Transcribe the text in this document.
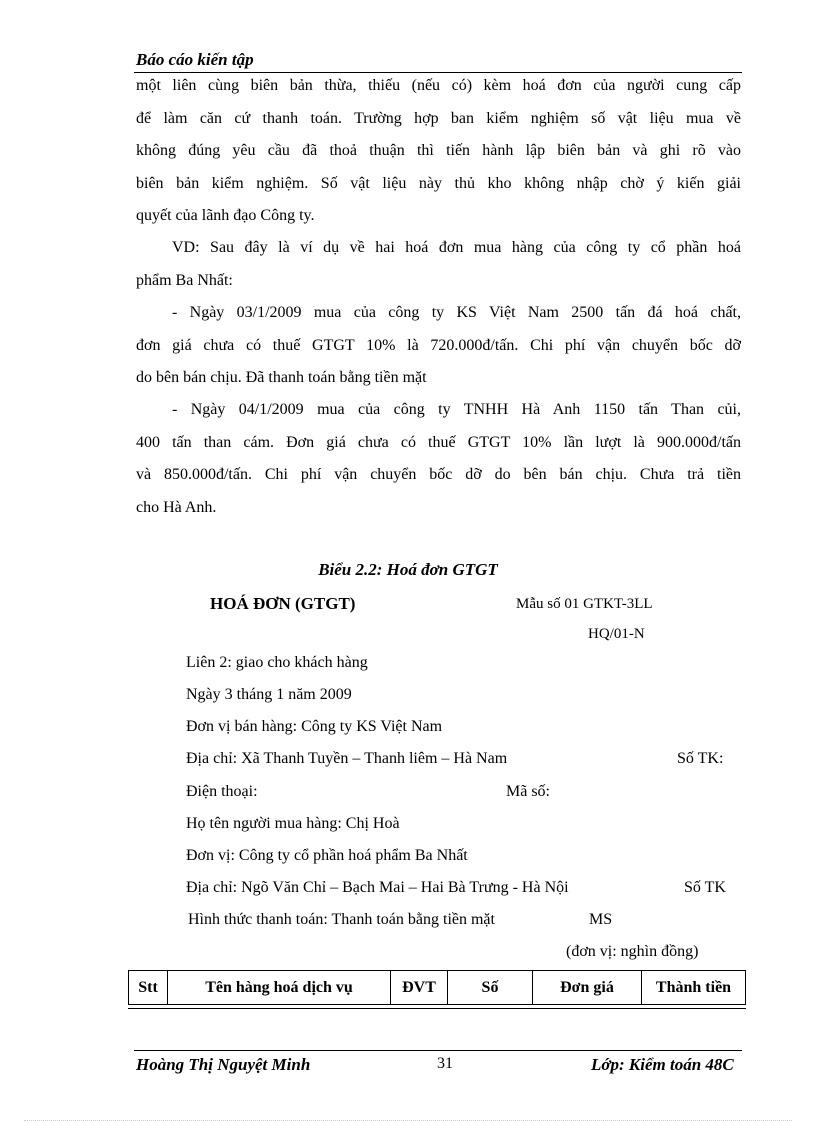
Báo cáo kiến tập
một liên cùng biên bản thừa, thiếu (nếu có) kèm hoá đơn của người cung cấp
để làm căn cứ thanh toán. Trường hợp ban kiểm nghiệm số vật liệu mua về
không đúng yêu cầu đã thoả thuận thì tiến hành lập biên bản và ghi rõ vào
biên bản kiểm nghiệm. Số vật liệu này thủ kho không nhập chờ ý kiến giải
quyết của lãnh đạo Công ty.
VD: Sau đây là ví dụ về hai hoá đơn mua hàng của công ty cổ phần hoá
phẩm Ba Nhất:
- Ngày 03/1/2009 mua của công ty KS Việt Nam 2500 tấn đá hoá chất,
đơn giá chưa có thuế GTGT 10% là 720.000đ/tấn. Chi phí vận chuyển bốc dỡ
do bên bán chịu. Đã thanh toán bằng tiền mặt
- Ngày 04/1/2009 mua của công ty TNHH Hà Anh 1150 tấn Than củi,
400 tấn than cám. Đơn giá chưa có thuế GTGT 10% lần lượt là 900.000đ/tấn
và 850.000đ/tấn. Chi phí vận chuyển bốc dỡ do bên bán chịu. Chưa trả tiền
cho Hà Anh.
Biểu 2.2: Hoá đơn GTGT
HOÁ ĐƠN (GTGT)	Mẫu số 01 GTKT-3LL
HQ/01-N
Liên 2: giao cho khách hàng
Ngày 3 tháng 1 năm 2009
Đơn vị bán hàng: Công ty KS Việt Nam
Địa chỉ: Xã Thanh Tuyền – Thanh liêm – Hà Nam	Số TK:
Điện thoại:	Mã số:
Họ tên người mua hàng: Chị Hoà
Đơn vị: Công ty cổ phần hoá phẩm Ba Nhất
Địa chỉ: Ngõ Văn Chỉ – Bạch Mai – Hai Bà Trưng - Hà Nội	Số TK
Hình thức thanh toán: Thanh toán bằng tiền mặt	MS
(đơn vị: nghìn đồng)
Stt	Tên hàng hoá dịch vụ	ĐVT	Số	Đơn giá	Thành tiền
Hoàng Thị Nguyệt Minh	31	Lớp: Kiểm toán 48C
